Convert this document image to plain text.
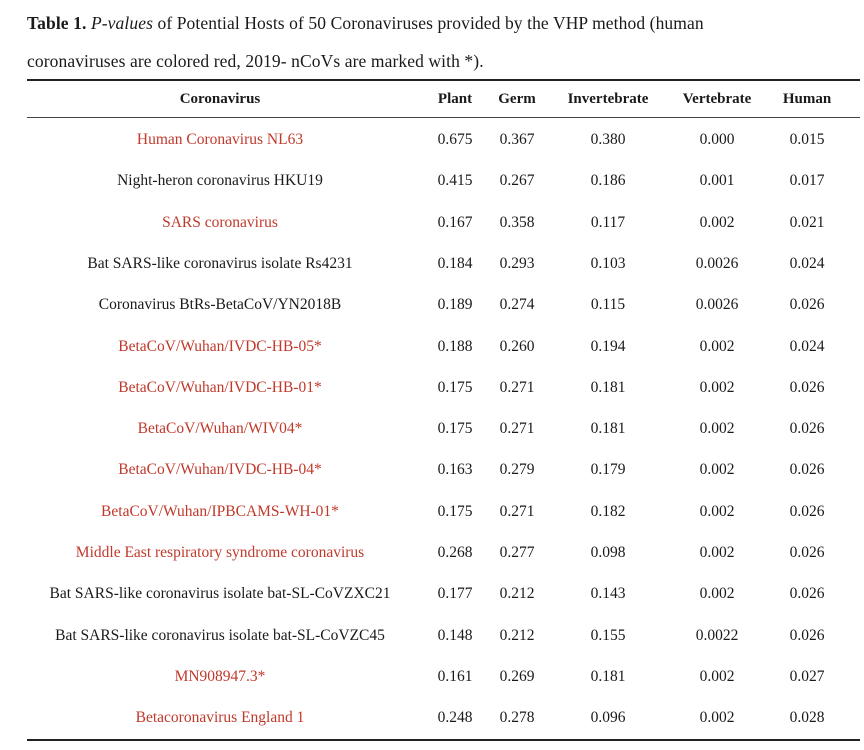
Table 1. P-values of Potential Hosts of 50 Coronaviruses provided by the VHP method (human
coronaviruses are colored red, 2019- nCoVs are marked with *).
Coronavirus	Plant	Germ	Invertebrate	Vertebrate	Human
Human Coronavirus NL63	0.675	0.367	0.380	0.000	0.015
Night-heron coronavirus HKU19	0.415	0.267	0.186	0.001	0.017
SARS coronavirus	0.167	0.358	0.117	0.002	0.021
Bat SARS-like coronavirus isolate Rs4231	0.184	0.293	0.103	0.0026	0.024
Coronavirus BtRs-BetaCoV/YN2018B	0.189	0.274	0.115	0.0026	0.026
BetaCoV/Wuhan/IVDC-HB-05*	0.188	0.260	0.194	0.002	0.024
BetaCoV/Wuhan/IVDC-HB-01*	0.175	0.271	0.181	0.002	0.026
BetaCoV/Wuhan/WIV04*	0.175	0.271	0.181	0.002	0.026
BetaCoV/Wuhan/IVDC-HB-04*	0.163	0.279	0.179	0.002	0.026
BetaCoV/Wuhan/IPBCAMS-WH-01*	0.175	0.271	0.182	0.002	0.026
Middle East respiratory syndrome coronavirus	0.268	0.277	0.098	0.002	0.026
Bat SARS-like coronavirus isolate bat-SL-CoVZXC21	0.177	0.212	0.143	0.002	0.026
Bat SARS-like coronavirus isolate bat-SL-CoVZC45	0.148	0.212	0.155	0.0022	0.026
MN908947.3*	0.161	0.269	0.181	0.002	0.027
Betacoronavirus England 1	0.248	0.278	0.096	0.002	0.028
